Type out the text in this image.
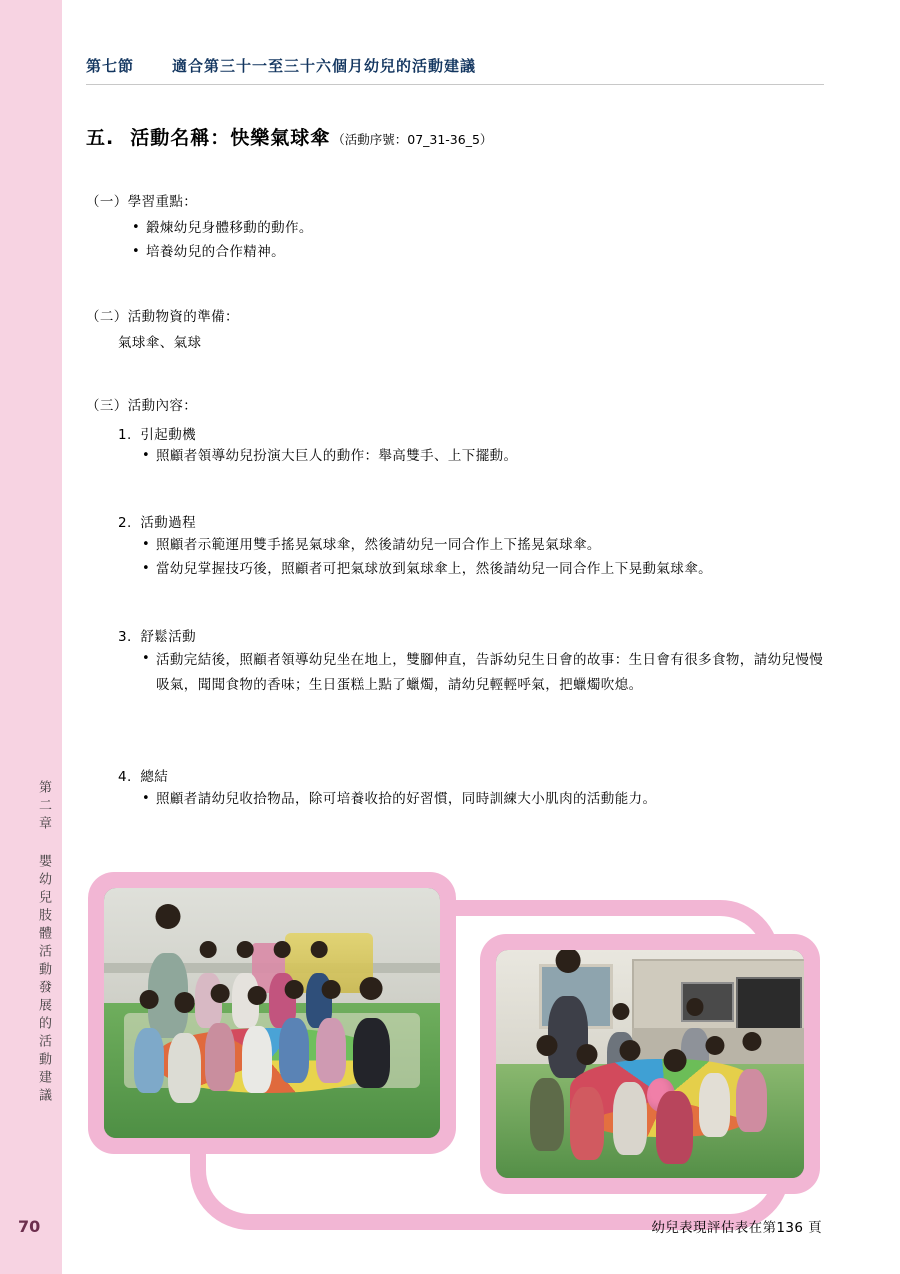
第二章 嬰幼兒肢體活動發展的活動建議
70
第七節	適合第三十一至三十六個月幼兒的活動建議
五. 活動名稱：快樂氣球傘 （活動序號：07_31-36_5）
（一）學習重點：
• 鍛煉幼兒身體移動的動作。
• 培養幼兒的合作精神。
（二）活動物資的準備：
氣球傘、氣球
（三）活動內容：
1. 引起動機
• 照顧者領導幼兒扮演大巨人的動作：舉高雙手、上下擺動。
2. 活動過程
• 照顧者示範運用雙手搖晃氣球傘，然後請幼兒一同合作上下搖晃氣球傘。
• 當幼兒掌握技巧後，照顧者可把氣球放到氣球傘上，然後請幼兒一同合作上下晃動氣球傘。
3. 舒鬆活動
• 活動完結後，照顧者領導幼兒坐在地上，雙腳伸直，告訴幼兒生日會的故事：生日會有很多食物，請幼兒慢慢吸氣，聞聞食物的香味；生日蛋糕上點了蠟燭，請幼兒輕輕呼氣，把蠟燭吹熄。
4. 總結
• 照顧者請幼兒收拾物品，除可培養收拾的好習慣，同時訓練大小肌肉的活動能力。
幼兒表現評估表在第136 頁
